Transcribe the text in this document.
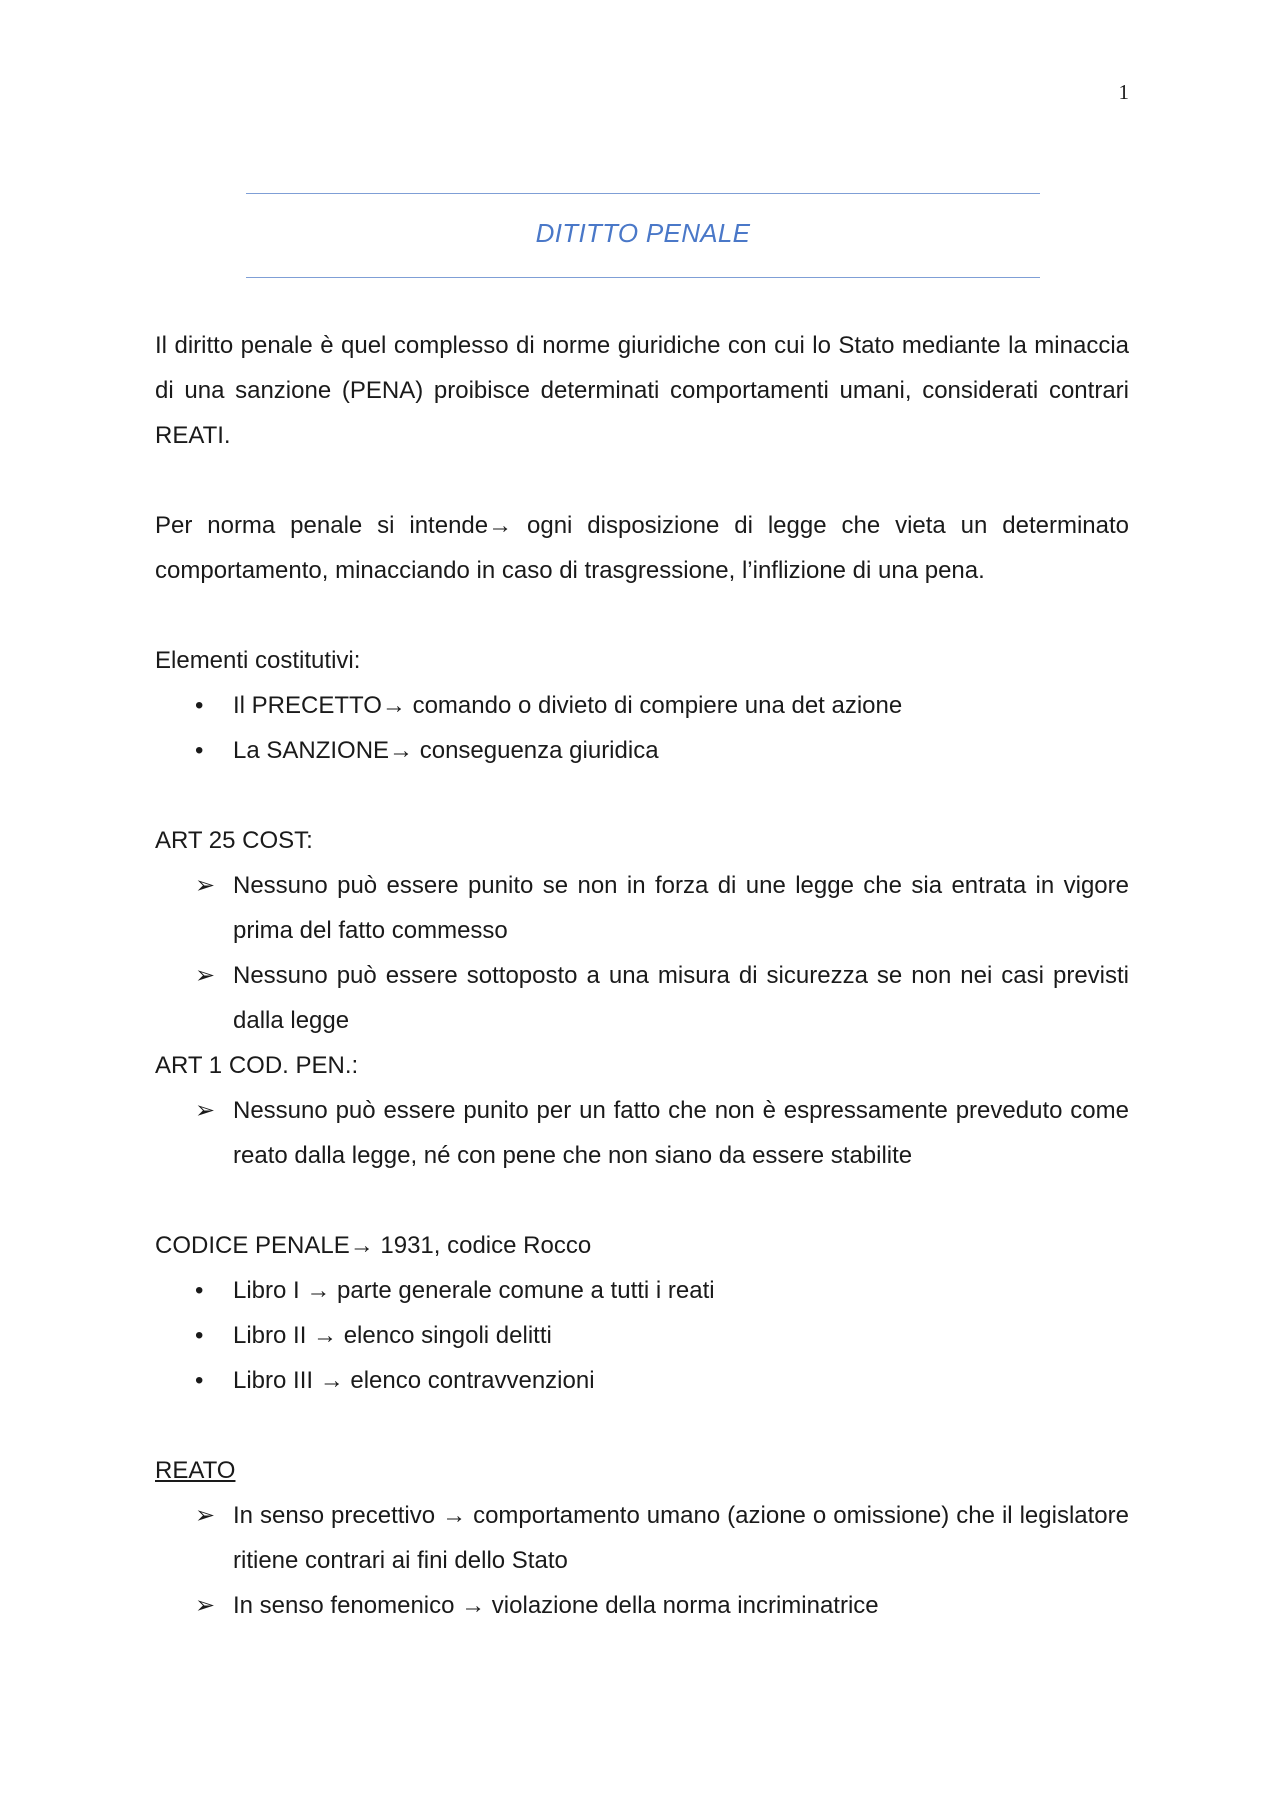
1
DITITTO PENALE

Il diritto penale è quel complesso di norme giuridiche con cui lo Stato mediante la minaccia di una sanzione (PENA) proibisce determinati comportamenti umani, considerati contrari REATI.

Per norma penale si intende→ ogni disposizione di legge che vieta un determinato comportamento, minacciando in caso di trasgressione, l’inflizione di una pena.

Elementi costitutivi:

•	Il PRECETTO→ comando o divieto di compiere una det azione
•	La SANZIONE→ conseguenza giuridica

ART 25 COST:

➢ Nessuno può essere punito se non in forza di une legge che sia entrata in vigore prima del fatto commesso
➢ Nessuno può essere sottoposto a una misura di sicurezza se non nei casi previsti dalla legge

ART 1 COD. PEN.:

➢ Nessuno può essere punito per un fatto che non è espressamente preveduto come reato dalla legge, né con pene che non siano da essere stabilite

CODICE PENALE→ 1931, codice Rocco

•	Libro I → parte generale comune a tutti i reati
•	Libro II → elenco singoli delitti
•	Libro III → elenco contravvenzioni

REATO

➢ In senso precettivo → comportamento umano (azione o omissione) che il legislatore ritiene contrari ai fini dello Stato
➢ In senso fenomenico → violazione della norma incriminatrice
